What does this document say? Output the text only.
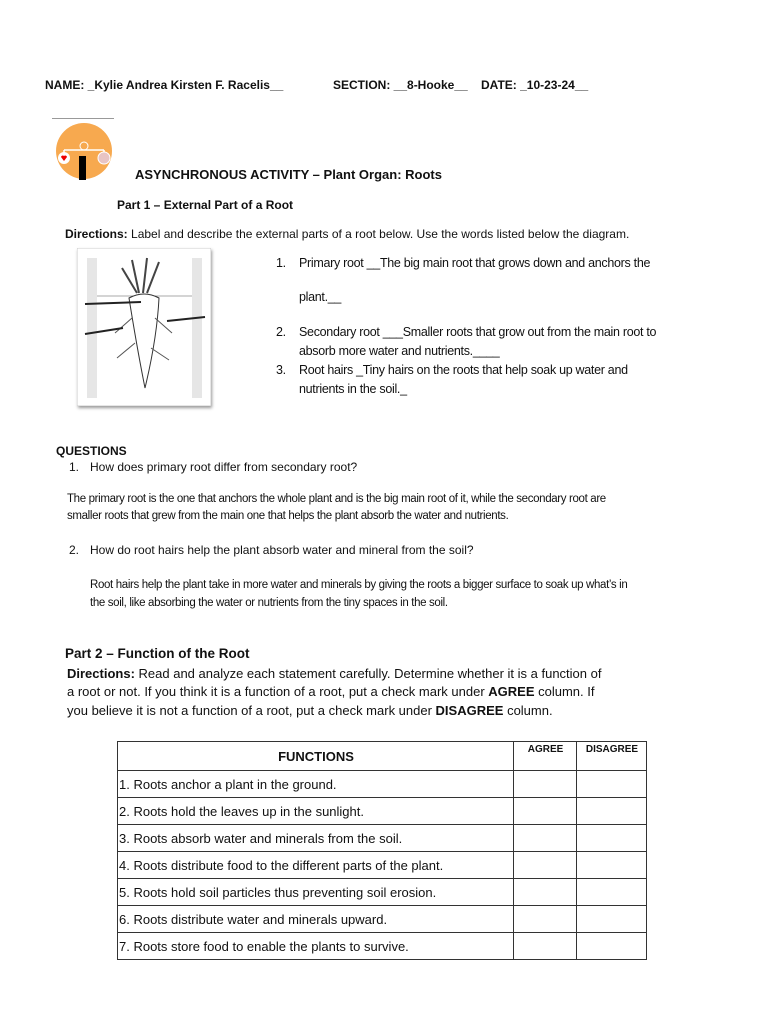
NAME: _Kylie Andrea Kirsten F. Racelis__	SECTION: __8-Hooke__ DATE: _10-23-24__
ASYNCHRONOUS ACTIVITY – Plant Organ: Roots
Part 1 – External Part of a Root
Directions: Label and describe the external parts of a root below. Use the words listed below the diagram.
1. Primary root __The big main root that grows down and anchors the
plant.__
2. Secondary root ___Smaller roots that grow out from the main root to
absorb more water and nutrients.____
3. Root hairs _Tiny hairs on the roots that help soak up water and
nutrients in the soil._
QUESTIONS
1. How does primary root differ from secondary root?
The primary root is the one that anchors the whole plant and is the big main root of it, while the secondary root are
smaller roots that grew from the main one that helps the plant absorb the water and nutrients.
2. How do root hairs help the plant absorb water and mineral from the soil?
Root hairs help the plant take in more water and minerals by giving the roots a bigger surface to soak up what’s in
the soil, like absorbing the water or nutrients from the tiny spaces in the soil.
Part 2 – Function of the Root
Directions: Read and analyze each statement carefully. Determine whether it is a function of
a root or not. If you think it is a function of a root, put a check mark under AGREE column. If
you believe it is not a function of a root, put a check mark under DISAGREE column.
FUNCTIONS	AGREE	DISAGREE
1. Roots anchor a plant in the ground.		
2. Roots hold the leaves up in the sunlight.		
3. Roots absorb water and minerals from the soil.		
4. Roots distribute food to the different parts of the plant.		
5. Roots hold soil particles thus preventing soil erosion.		
6. Roots distribute water and minerals upward.		
7. Roots store food to enable the plants to survive.		
